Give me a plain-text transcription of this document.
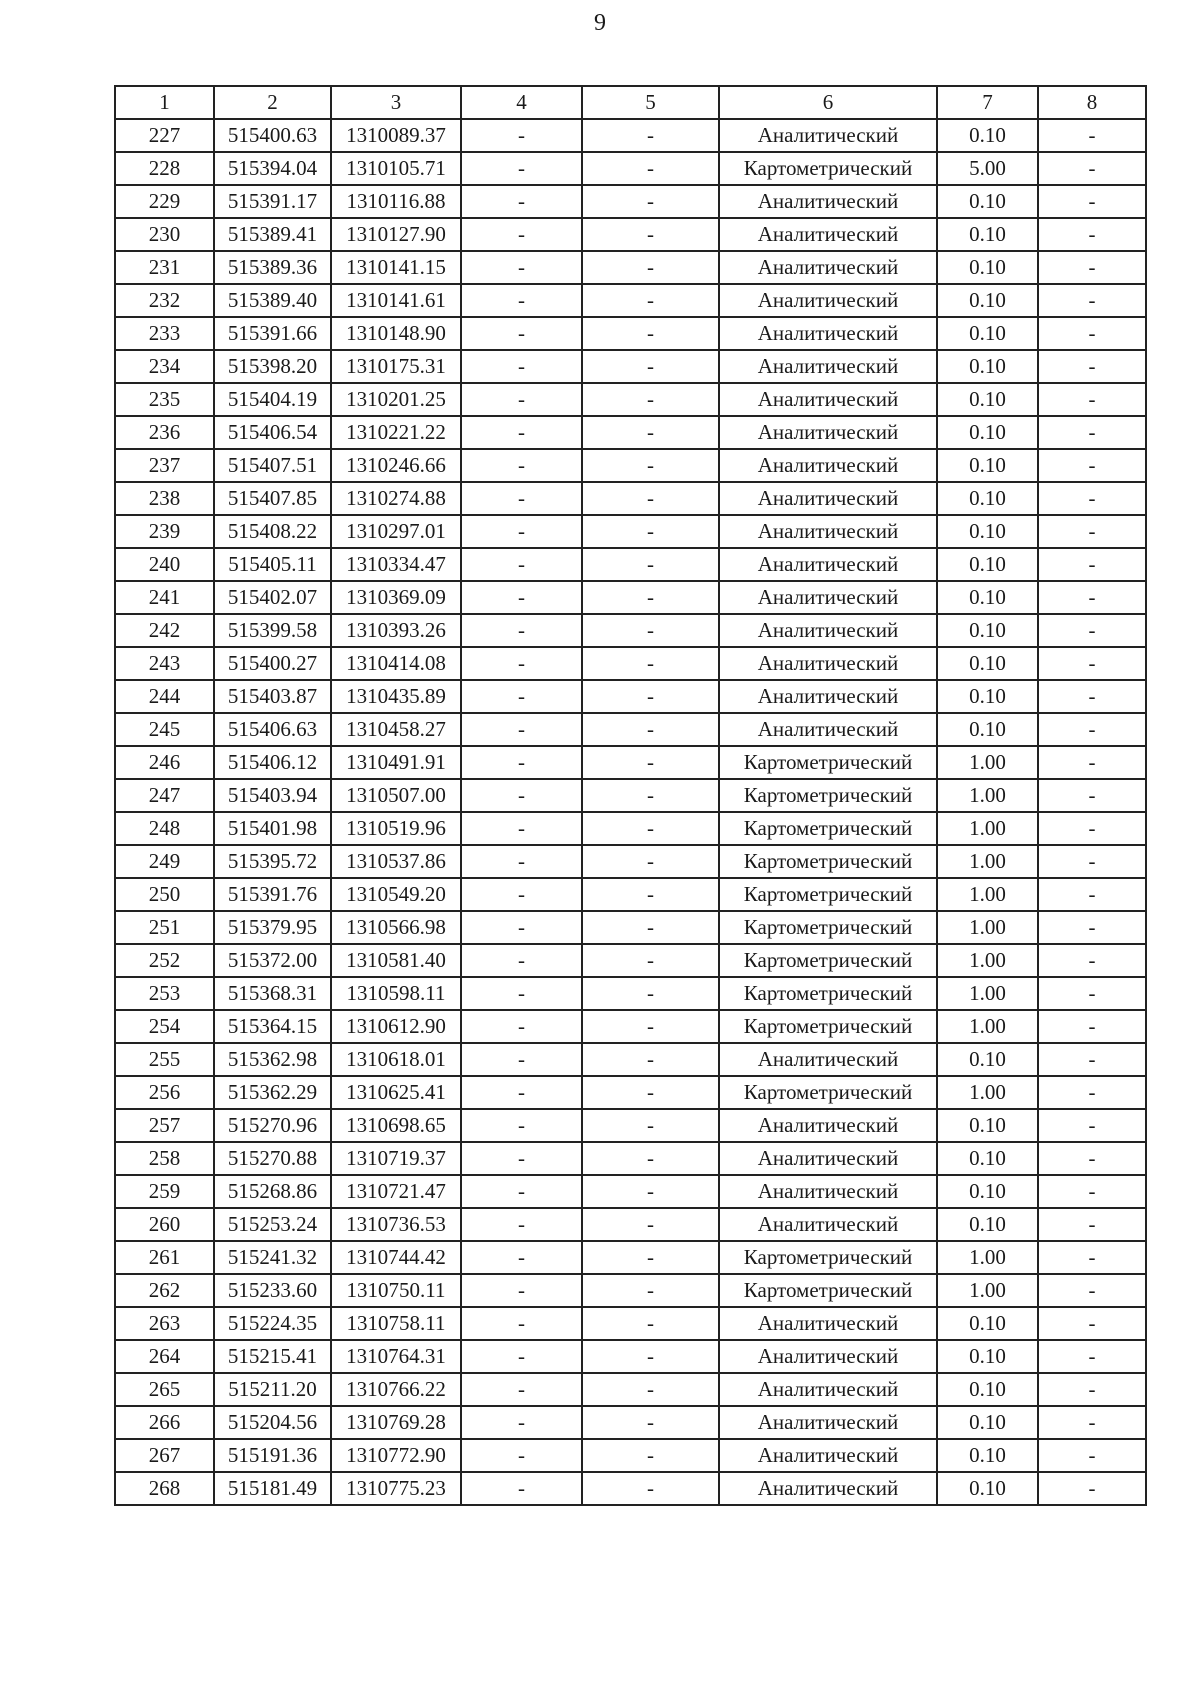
9
1	2	3	4	5	6	7	8
227	515400.63	1310089.37	-	-	Аналитический	0.10	-
228	515394.04	1310105.71	-	-	Картометрический	5.00	-
229	515391.17	1310116.88	-	-	Аналитический	0.10	-
230	515389.41	1310127.90	-	-	Аналитический	0.10	-
231	515389.36	1310141.15	-	-	Аналитический	0.10	-
232	515389.40	1310141.61	-	-	Аналитический	0.10	-
233	515391.66	1310148.90	-	-	Аналитический	0.10	-
234	515398.20	1310175.31	-	-	Аналитический	0.10	-
235	515404.19	1310201.25	-	-	Аналитический	0.10	-
236	515406.54	1310221.22	-	-	Аналитический	0.10	-
237	515407.51	1310246.66	-	-	Аналитический	0.10	-
238	515407.85	1310274.88	-	-	Аналитический	0.10	-
239	515408.22	1310297.01	-	-	Аналитический	0.10	-
240	515405.11	1310334.47	-	-	Аналитический	0.10	-
241	515402.07	1310369.09	-	-	Аналитический	0.10	-
242	515399.58	1310393.26	-	-	Аналитический	0.10	-
243	515400.27	1310414.08	-	-	Аналитический	0.10	-
244	515403.87	1310435.89	-	-	Аналитический	0.10	-
245	515406.63	1310458.27	-	-	Аналитический	0.10	-
246	515406.12	1310491.91	-	-	Картометрический	1.00	-
247	515403.94	1310507.00	-	-	Картометрический	1.00	-
248	515401.98	1310519.96	-	-	Картометрический	1.00	-
249	515395.72	1310537.86	-	-	Картометрический	1.00	-
250	515391.76	1310549.20	-	-	Картометрический	1.00	-
251	515379.95	1310566.98	-	-	Картометрический	1.00	-
252	515372.00	1310581.40	-	-	Картометрический	1.00	-
253	515368.31	1310598.11	-	-	Картометрический	1.00	-
254	515364.15	1310612.90	-	-	Картометрический	1.00	-
255	515362.98	1310618.01	-	-	Аналитический	0.10	-
256	515362.29	1310625.41	-	-	Картометрический	1.00	-
257	515270.96	1310698.65	-	-	Аналитический	0.10	-
258	515270.88	1310719.37	-	-	Аналитический	0.10	-
259	515268.86	1310721.47	-	-	Аналитический	0.10	-
260	515253.24	1310736.53	-	-	Аналитический	0.10	-
261	515241.32	1310744.42	-	-	Картометрический	1.00	-
262	515233.60	1310750.11	-	-	Картометрический	1.00	-
263	515224.35	1310758.11	-	-	Аналитический	0.10	-
264	515215.41	1310764.31	-	-	Аналитический	0.10	-
265	515211.20	1310766.22	-	-	Аналитический	0.10	-
266	515204.56	1310769.28	-	-	Аналитический	0.10	-
267	515191.36	1310772.90	-	-	Аналитический	0.10	-
268	515181.49	1310775.23	-	-	Аналитический	0.10	-
